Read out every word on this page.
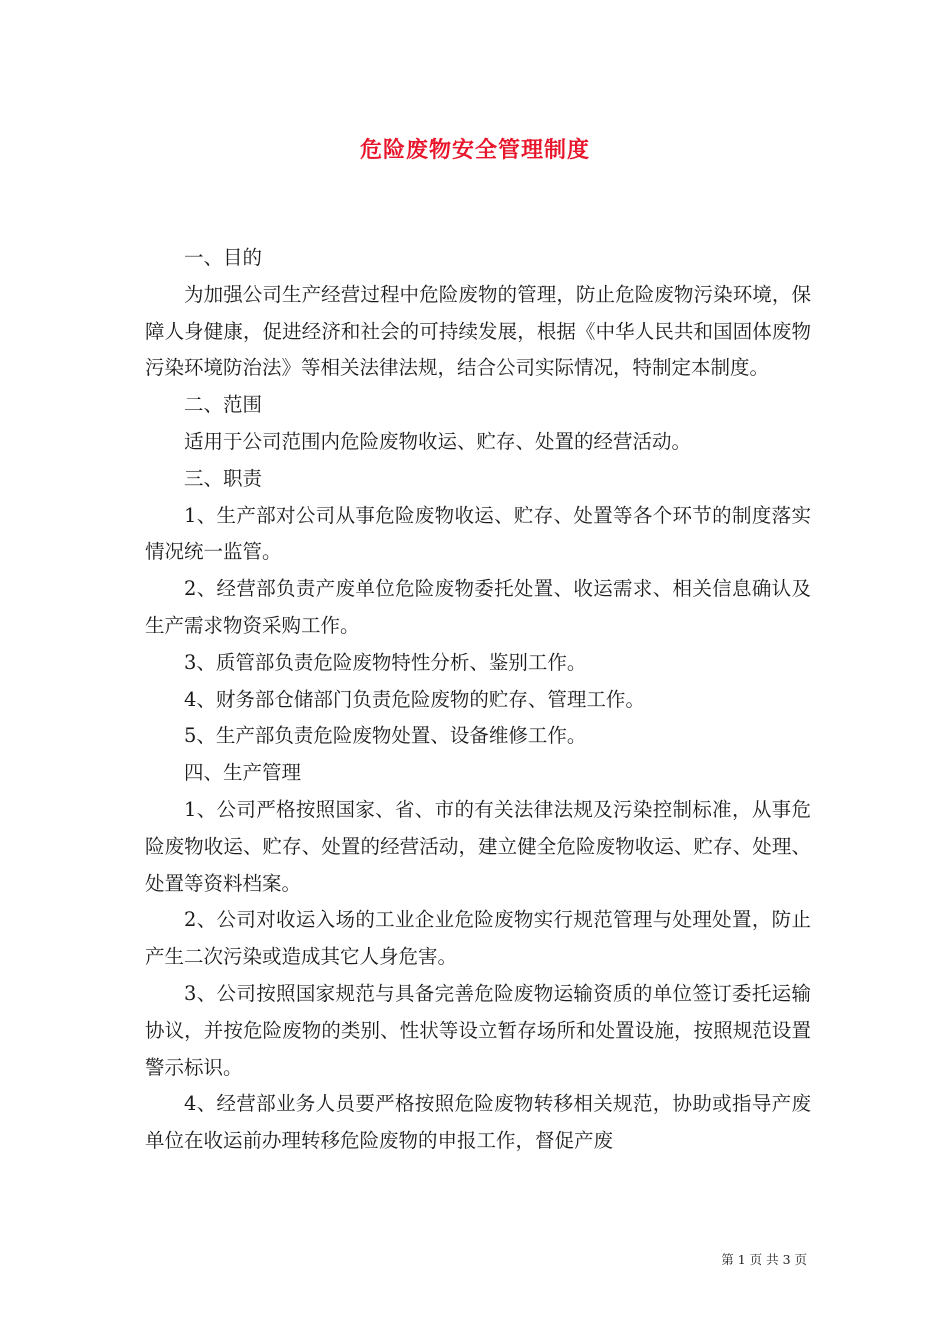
危险废物安全管理制度

一、目的

为加强公司生产经营过程中危险废物的管理，防止危险废物污染环境，保障人身健康，促进经济和社会的可持续发展，根据《中华人民共和国固体废物污染环境防治法》等相关法律法规，结合公司实际情况，特制定本制度。

二、范围

适用于公司范围内危险废物收运、贮存、处置的经营活动。

三、职责

1、生产部对公司从事危险废物收运、贮存、处置等各个环节的制度落实情况统一监管。

2、经营部负责产废单位危险废物委托处置、收运需求、相关信息确认及生产需求物资采购工作。

3、质管部负责危险废物特性分析、鉴别工作。

4、财务部仓储部门负责危险废物的贮存、管理工作。

5、生产部负责危险废物处置、设备维修工作。

四、生产管理

1、公司严格按照国家、省、市的有关法律法规及污染控制标准，从事危险废物收运、贮存、处置的经营活动，建立健全危险废物收运、贮存、处理、处置等资料档案。

2、公司对收运入场的工业企业危险废物实行规范管理与处理处置，防止产生二次污染或造成其它人身危害。

3、公司按照国家规范与具备完善危险废物运输资质的单位签订委托运输协议，并按危险废物的类别、性状等设立暂存场所和处置设施，按照规范设置警示标识。

4、经营部业务人员要严格按照危险废物转移相关规范，协助或指导产废单位在收运前办理转移危险废物的申报工作，督促产废

第 1 页 共 3 页
